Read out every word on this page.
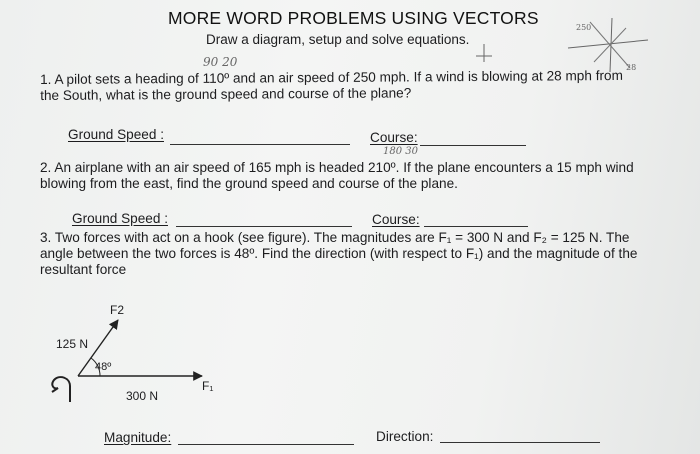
MORE WORD PROBLEMS USING VECTORS
Draw a diagram, setup and solve equations.
250
28
90 20
1. A pilot sets a heading of 110º and an air speed of 250 mph. If a wind is blowing at 28 mph from the South, what is the ground speed and course of the plane?
Ground Speed :	Course:
180 30
2. An airplane with an air speed of 165 mph is headed 210º. If the plane encounters a 15 mph wind blowing from the east, find the ground speed and course of the plane.
Ground Speed :	Course:
3. Two forces with act on a hook (see figure). The magnitudes are F₁ = 300 N and F₂ = 125 N. The angle between the two forces is 48º. Find the direction (with respect to F₁) and the magnitude of the resultant force
F2
125 N
48º
F₁
300 N
Magnitude:	Direction:
